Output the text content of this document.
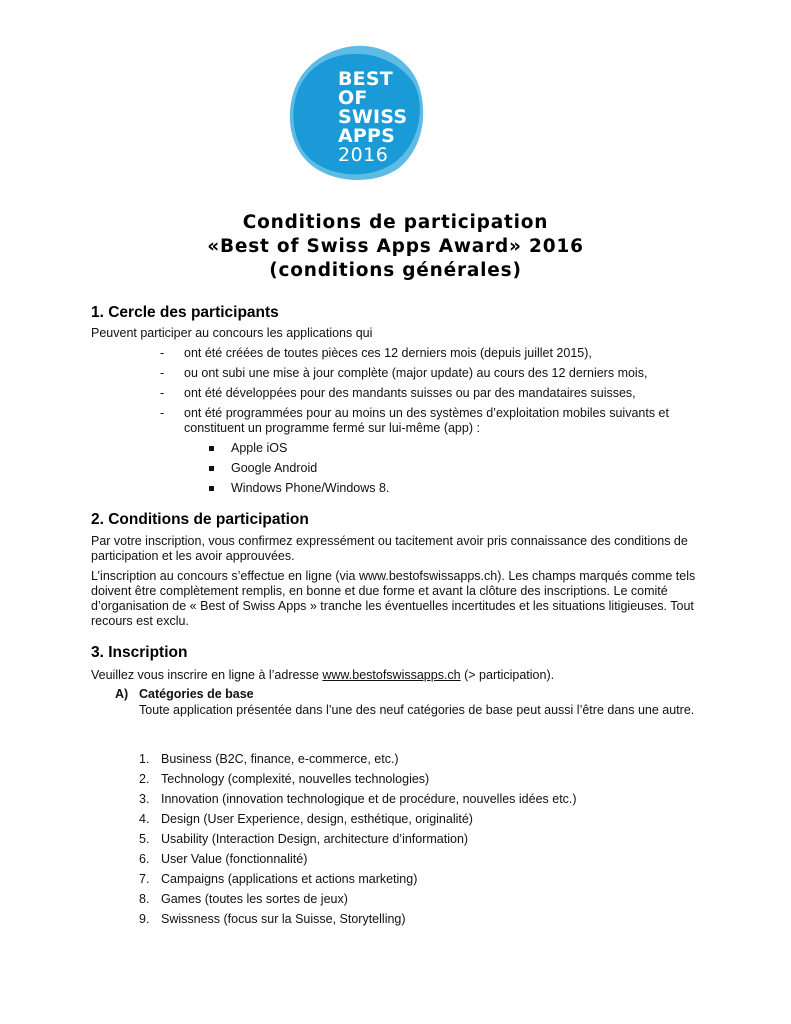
BEST
OF
SWISS
APPS
2016
Conditions de participation
«Best of Swiss Apps Award» 2016
(conditions générales)
1. Cercle des participants
Peuvent participer au concours les applications qui
- ont été créées de toutes pièces ces 12 derniers mois (depuis juillet 2015),
- ou ont subi une mise à jour complète (major update) au cours des 12 derniers mois,
- ont été développées pour des mandants suisses ou par des mandataires suisses,
- ont été programmées pour au moins un des systèmes d’exploitation mobiles suivants et constituent un programme fermé sur lui-même (app) :
Apple iOS
Google Android
Windows Phone/Windows 8.
2. Conditions de participation
Par votre inscription, vous confirmez expressément ou tacitement avoir pris connaissance des conditions de participation et les avoir approuvées.
L’inscription au concours s’effectue en ligne (via www.bestofswissapps.ch). Les champs marqués comme tels doivent être complètement remplis, en bonne et due forme et avant la clôture des inscriptions. Le comité d’organisation de « Best of Swiss Apps » tranche les éventuelles incertitudes et les situations litigieuses. Tout recours est exclu.
3. Inscription
Veuillez vous inscrire en ligne à l’adresse www.bestofswissapps.ch (> participation).
A) Catégories de base
Toute application présentée dans l’une des neuf catégories de base peut aussi l’être dans une autre.
1. Business (B2C, finance, e-commerce, etc.)
2. Technology (complexité, nouvelles technologies)
3. Innovation (innovation technologique et de procédure, nouvelles idées etc.)
4. Design (User Experience, design, esthétique, originalité)
5. Usability (Interaction Design, architecture d’information)
6. User Value (fonctionnalité)
7. Campaigns (applications et actions marketing)
8. Games (toutes les sortes de jeux)
9. Swissness (focus sur la Suisse, Storytelling)
